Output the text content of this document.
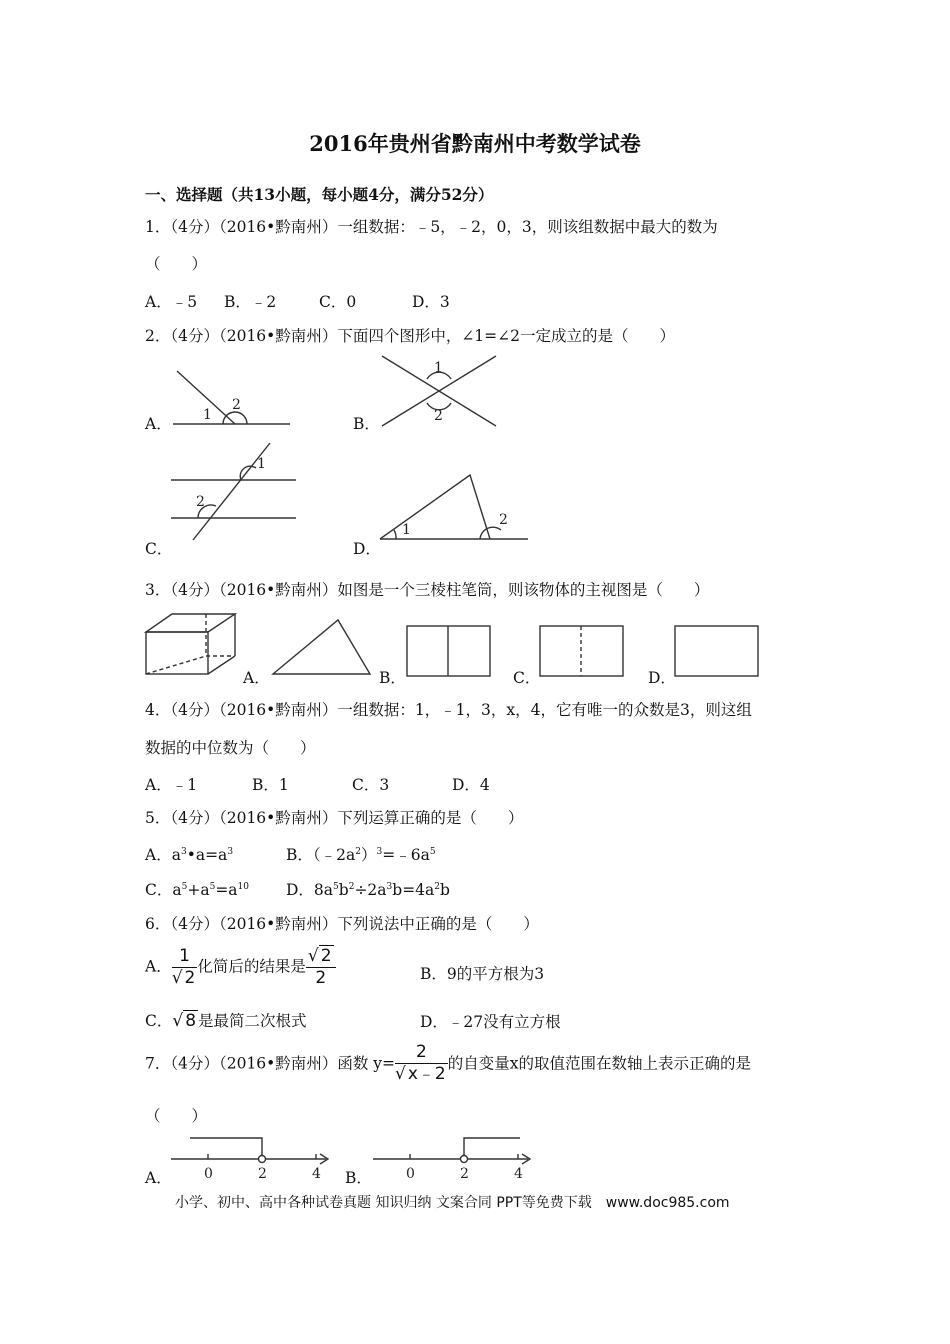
2016年贵州省黔南州中考数学试卷
一、选择题（共13小题，每小题4分，满分52分）
1．（4分）（2016•黔南州）一组数据：﹣5，﹣2，0，3，则该组数据中最大的数为
（　　）
A．﹣5 B．﹣2	C．0	D．3
2．（4分）（2016•黔南州）下面四个图形中，∠1=∠2一定成立的是（　　）
A． 1
2
B．
1
2
C．
1
2
D．
1
2
3．（4分）（2016•黔南州）如图是一个三棱柱笔筒，则该物体的主视图是（　　）
A．	B．	C．	D．
4．（4分）（2016•黔南州）一组数据：1，﹣1，3，x，4，它有唯一的众数是3，则这组
数据的中位数为（　　）
A．﹣1	B．1	C．3	D．4
5．（4分）（2016•黔南州）下列运算正确的是（　　）
A．$a^3•a=a^3$	B．$(﹣2a^2)^3=﹣6a^5$
C．$a^5+a^5=a^{10}$ D．$8a^5b^2\div 2a^3b=4a^2b$
6．（4分）（2016•黔南州）下列说法中正确的是（　　）
A． $\frac{1}{√ 2}$ 化简后的结果是 $\frac{√ 2}{2}$	B．9的平方根为3
C．√ 8 是最简二次根式	D．﹣27没有立方根
7．（4分）（2016•黔南州）函数 $y= \frac{2}{√ x﹣2}$ 的自变量x的取值范围在数轴上表示正确的是
（　　）
A． 0	2	4 B． 0	2	4
小学、初中、高中各种试卷真题 知识归纳 文案合同 PPT等免费下载　www.doc985.com
